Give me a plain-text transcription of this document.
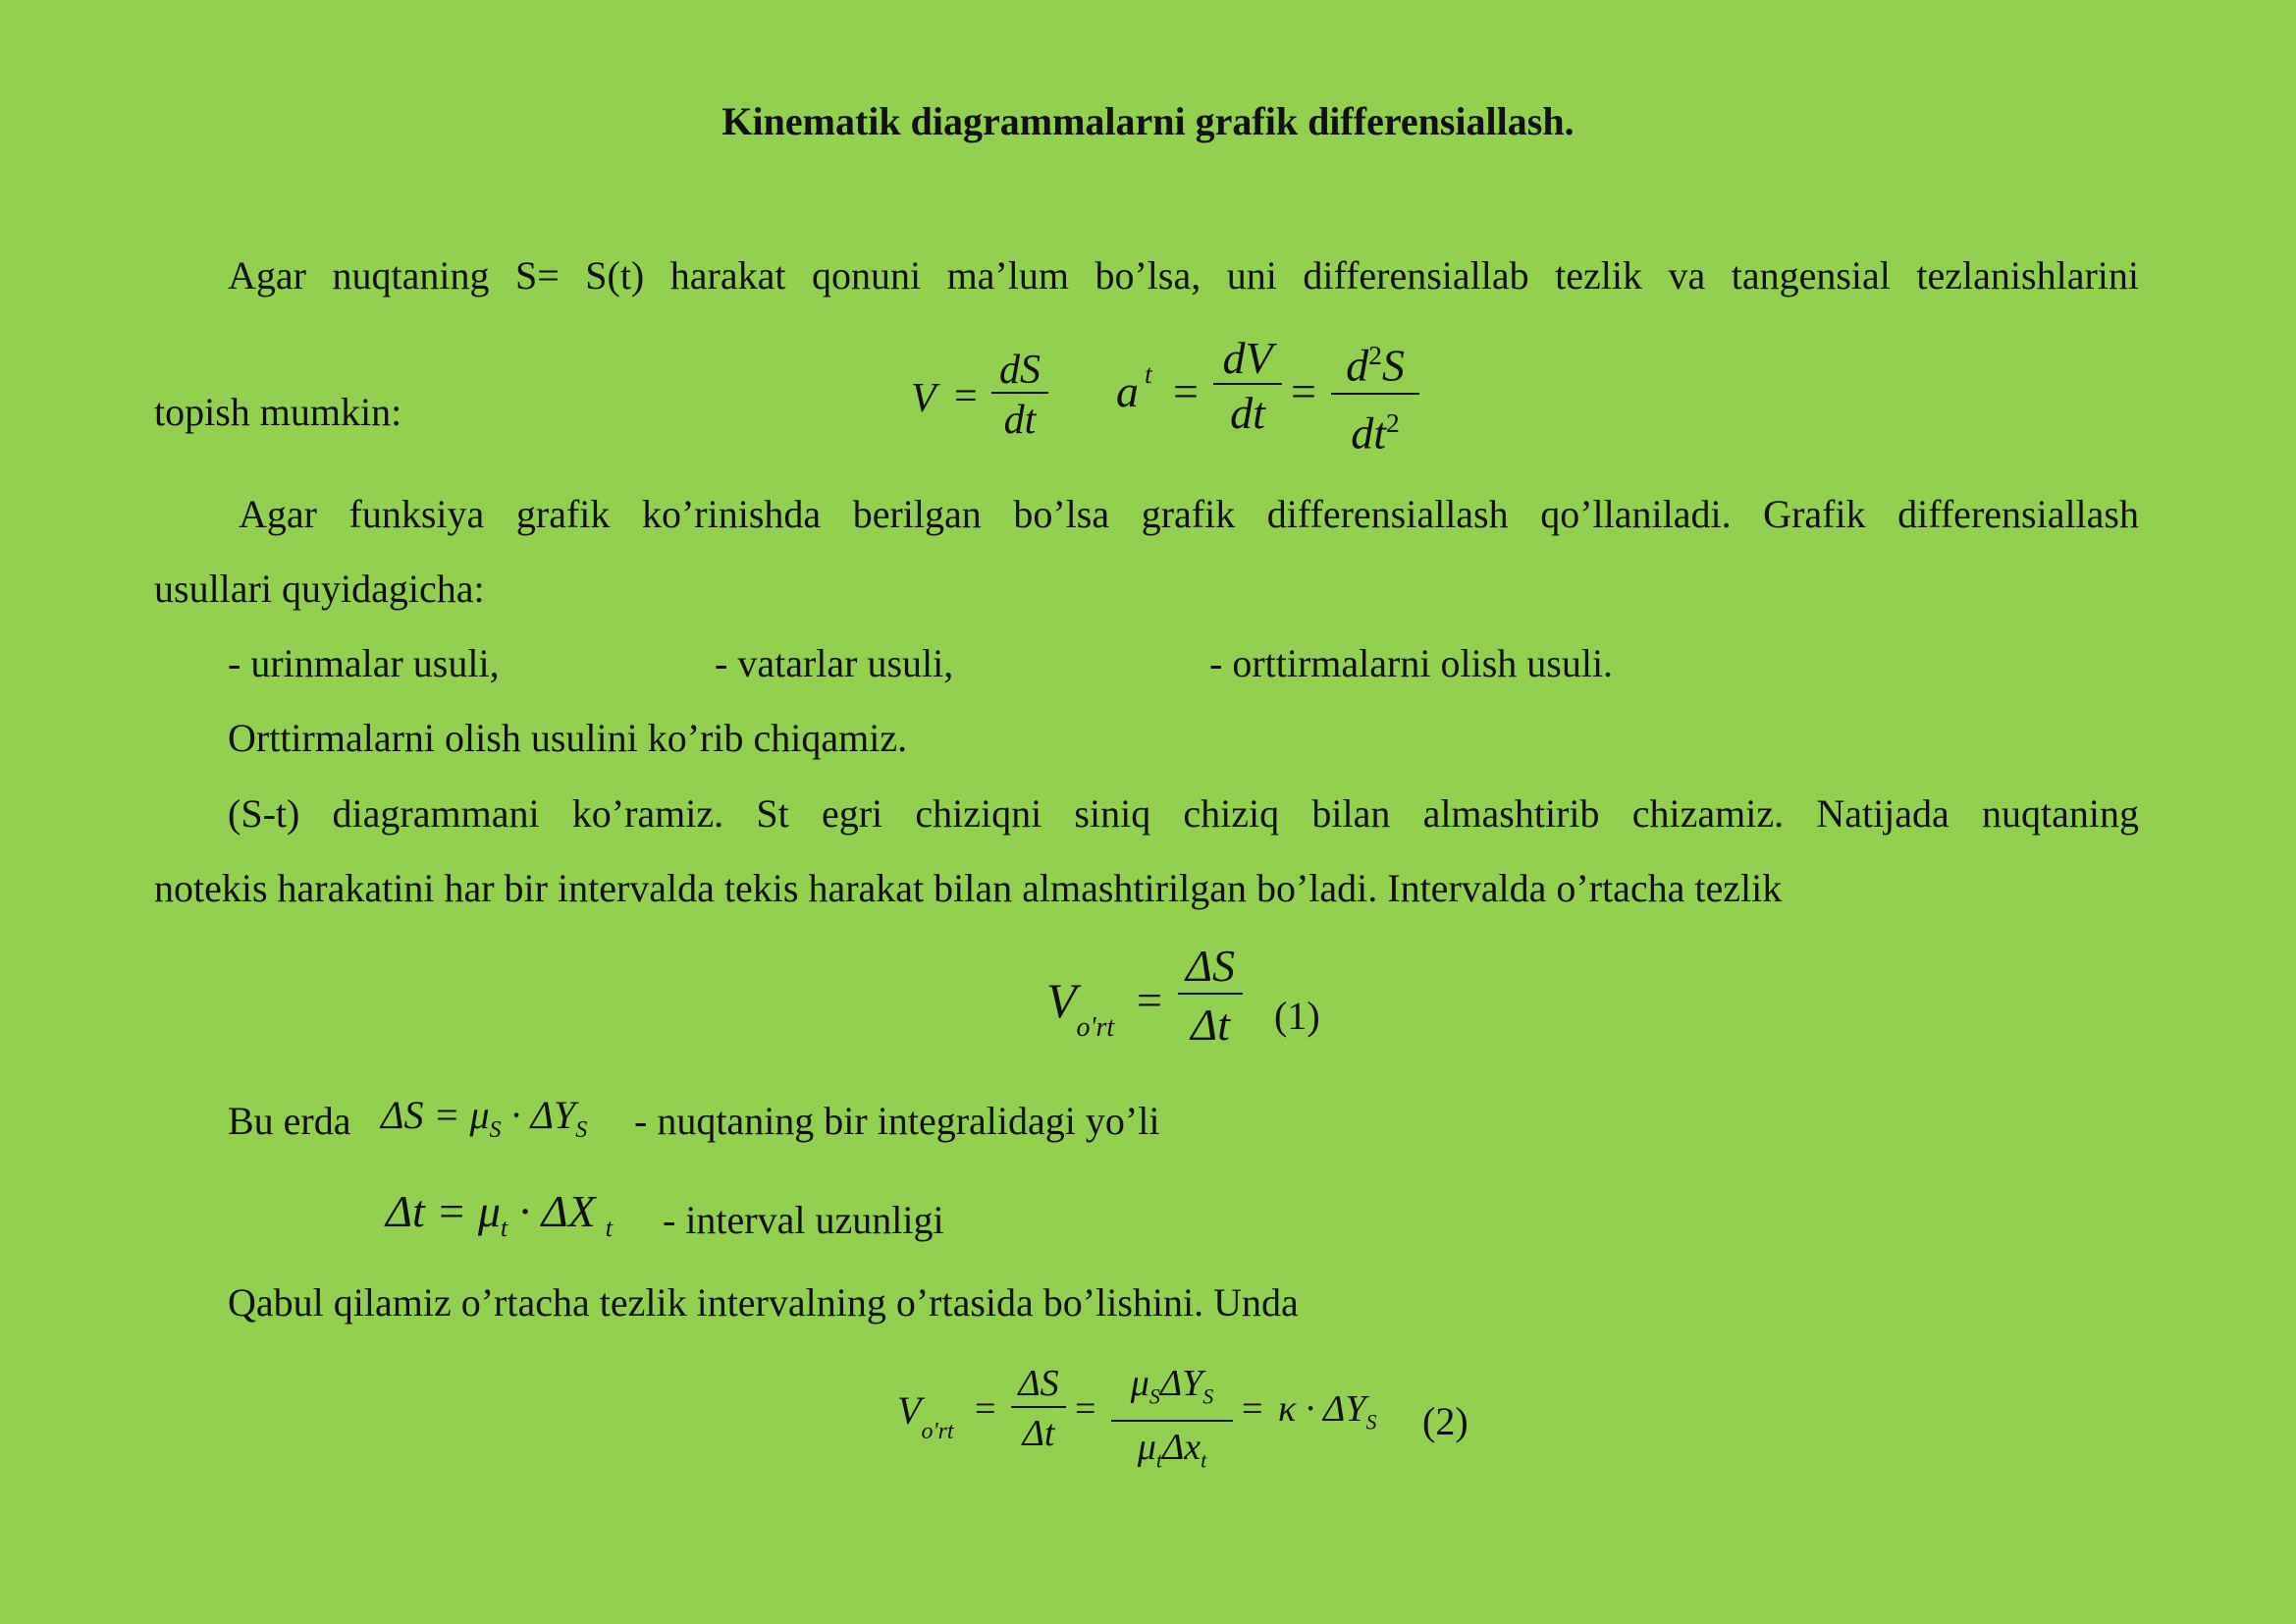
Kinematik diagrammalarni grafik differensiallash.
Agar nuqtaning S= S(t) harakat qonuni ma’lum bo’lsa, uni differensiallab tezlik va tangensial tezlanishlarini
topish mumkin:	V =
dS
dt
a $^t$ =
dV
dt =
$d^2S$
$dt^2$
Agar funksiya grafik ko’rinishda berilgan bo’lsa grafik differensiallash qo’llaniladi. Grafik differensiallash
usullari quyidagicha:
- urinmalar usuli,	- vatarlar usuli,	- orttirmalarni olish usuli.
Orttirmalarni olish usulini ko’rib chiqamiz.
(S-t) diagrammani ko’ramiz. St egri chiziqni siniq chiziq bilan almashtirib chizamiz. Natijada nuqtaning
notekis harakatini har bir intervalda tekis harakat bilan almashtirilgan bo’ladi. Intervalda o’rtacha tezlik
$V_{o'rt}$
=
ΔS
Δt	(1)
Bu erda $\Delta S = \mu_S \cdot \Delta Y_S$ - nuqtaning bir integralidagi yo’li
$\Delta t = \mu_t \cdot \Delta X$ $_t$ - interval uzunligi
Qabul qilamiz o’rtacha tezlik intervalning o’rtasida bo’lishini. Unda
$V_{o'rt}$
=
ΔS
Δt
=
$\mu_S\Delta Y_S$
$\mu_t\Delta x_t$
= $\kappa \cdot \Delta Y_S$ (2)
